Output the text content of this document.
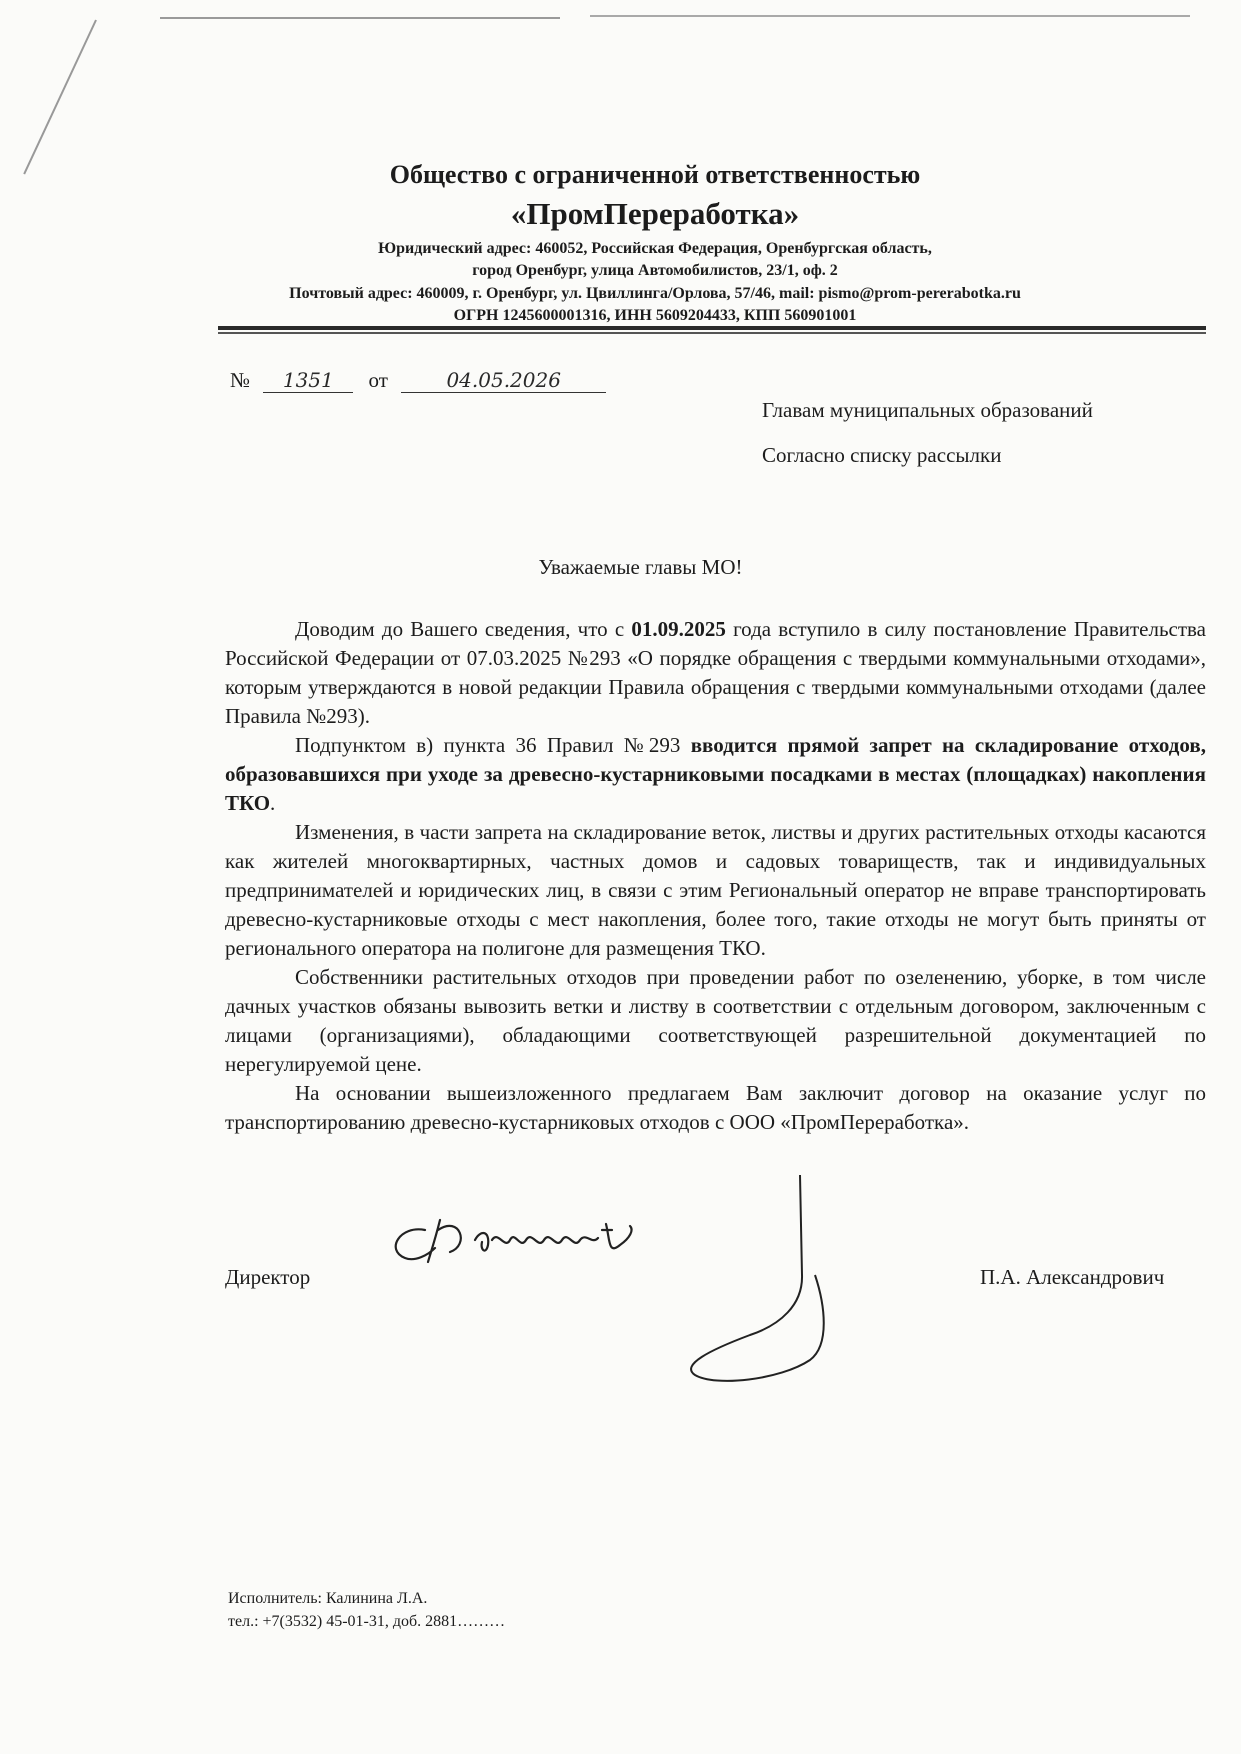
Общество с ограниченной ответственностью
«ПромПереработка»
Юридический адрес: 460052, Российская Федерация, Оренбургская область,
город Оренбург, улица Автомобилистов, 23/1, оф. 2
Почтовый адрес: 460009, г. Оренбург, ул. Цвиллинга/Орлова, 57/46, mail: pismo@prom-pererabotka.ru
ОГРН 1245600001316, ИНН 5609204433, КПП 560901001
№ 1351 от	04.05.2026
Главам муниципальных образований
Согласно списку рассылки
Уважаемые главы МО!

Доводим до Вашего сведения, что с 01.09.2025 года вступило в силу постановление Правительства Российской Федерации от 07.03.2025 №293 «О порядке обращения с твердыми коммунальными отходами», которым утверждаются в новой редакции Правила обращения с твердыми коммунальными отходами (далее Правила №293).

Подпунктом в) пункта 36 Правил №293 вводится прямой запрет на складирование отходов, образовавшихся при уходе за древесно-кустарниковыми посадками в местах (площадках) накопления ТКО.

Изменения, в части запрета на складирование веток, листвы и других растительных отходы касаются как жителей многоквартирных, частных домов и садовых товариществ, так и индивидуальных предпринимателей и юридических лиц, в связи с этим Региональный оператор не вправе транспортировать древесно-кустарниковые отходы с мест накопления, более того, такие отходы не могут быть приняты от регионального оператора на полигоне для размещения ТКО.

Собственники растительных отходов при проведении работ по озеленению, уборке, в том числе дачных участков обязаны вывозить ветки и листву в соответствии с отдельным договором, заключенным с лицами (организациями), обладающими соответствующей разрешительной документацией по нерегулируемой цене.

На основании вышеизложенного предлагаем Вам заключит договор на оказание услуг по транспортированию древесно-кустарниковых отходов с ООО «ПромПереработка».

Директор	П.А. Александрович
Исполнитель: Калинина Л.А.
тел.: +7(3532) 45-01-31, доб. 2881………
